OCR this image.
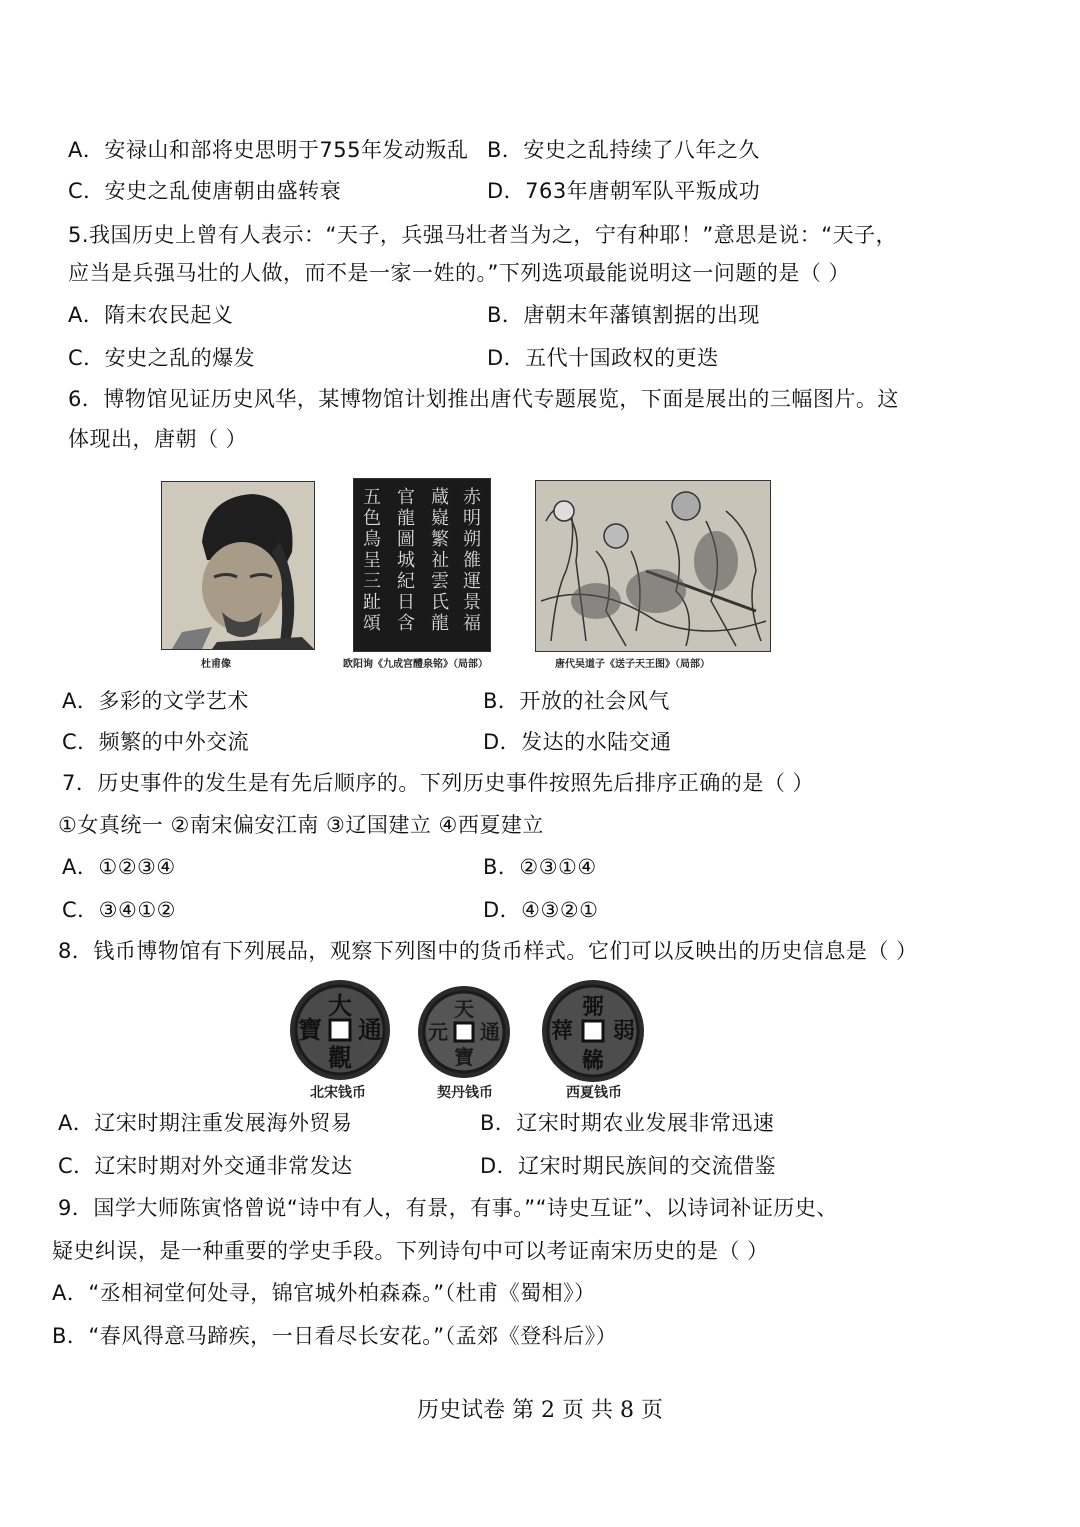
A．安禄山和部将史思明于755年发动叛乱 B．安史之乱持续了八年之久
C．安史之乱使唐朝由盛转衰	D．763年唐朝军队平叛成功
5.我国历史上曾有人表示：“天子，兵强马壮者当为之，宁有种耶！”意思是说：“天子，
应当是兵强马壮的人做，而不是一家一姓的。”下列选项最能说明这一问题的是（ ）
A．隋末农民起义	B．唐朝末年藩镇割据的出现
C．安史之乱的爆发	D．五代十国政权的更迭
6．博物馆见证历史风华，某博物馆计划推出唐代专题展览，下面是展出的三幅图片。这
体现出，唐朝（ ）
杜甫像
五色鳥呈三趾頌
官龍圖城紀日含
蔵嶷繁祉雲氏龍
赤明朔雒運景福
欧阳询《九成宫醴泉铭》（局部）	唐代吴道子《送子天王图》（局部）
A．多彩的文学艺术	B．开放的社会风气
C．频繁的中外交流	D．发达的水陆交通
7．历史事件的发生是有先后顺序的。下列历史事件按照先后排序正确的是（ ）
①女真统一 ②南宋偏安江南 ③辽国建立 ④西夏建立
A．①②③④	B．②③①④
C．③④①②	D．④③②①
8．钱币博物馆有下列展品，观察下列图中的货币样式。它们可以反映出的历史信息是（ ）
大
通
觀
寶
北宋钱币
天
元 通
寶
契丹钱币
㢽
弱
㣈
䔗
西夏钱币
A．辽宋时期注重发展海外贸易	B．辽宋时期农业发展非常迅速
C．辽宋时期对外交通非常发达	D．辽宋时期民族间的交流借鉴
9．国学大师陈寅恪曾说“诗中有人，有景，有事。”“诗史互证”、以诗词补证历史、
疑史纠误，是一种重要的学史手段。下列诗句中可以考证南宋历史的是（ ）
A．“丞相祠堂何处寻，锦官城外柏森森。”（杜甫《蜀相》）
B．“春风得意马蹄疾，一日看尽长安花。”（孟郊《登科后》）
历史试卷 第 2 页 共 8 页
